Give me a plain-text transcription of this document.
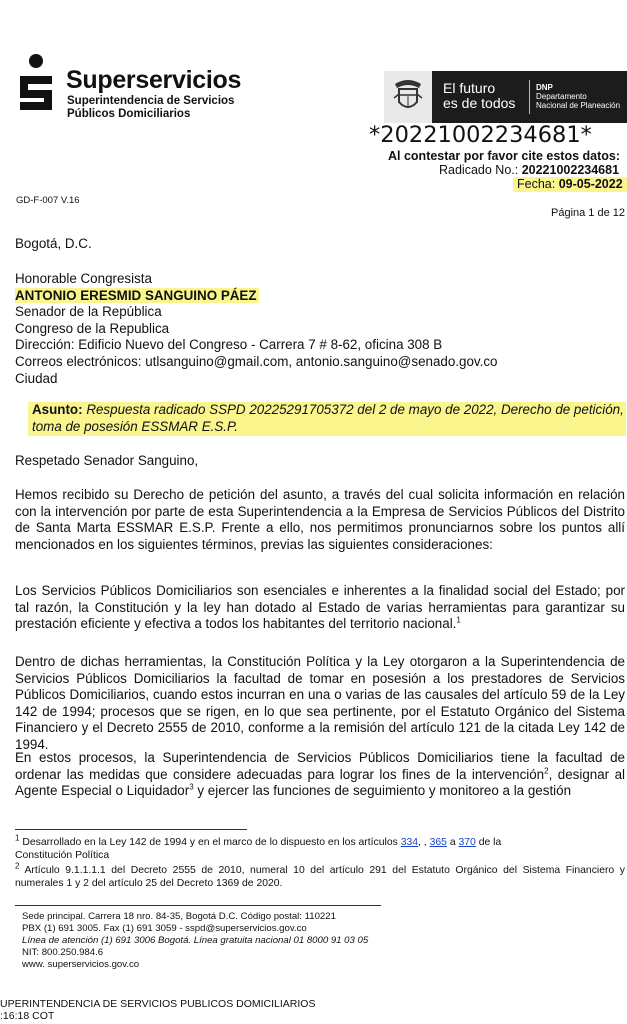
Superservicios
Superintendencia de Servicios
Públicos Domiciliarios
El futuro
es de todos
DNP
Departamento
Nacional de Planeación
*20221002234681*
Al contestar por favor cite estos datos:
Radicado No.: 20221002234681
Fecha: 09-05-2022
GD-F-007 V.16
Página 1 de 12
Bogotá, D.C.
Honorable Congresista
ANTONIO ERESMID SANGUINO PÁEZ
Senador de la República
Congreso de la Republica
Dirección: Edificio Nuevo del Congreso - Carrera 7 # 8-62, oficina 308 B
Correos electrónicos: utlsanguino@gmail.com, antonio.sanguino@senado.gov.co
Ciudad
Asunto: Respuesta radicado SSPD 20225291705372 del 2 de mayo de 2022, Derecho de petición, toma de posesión ESSMAR E.S.P.
Respetado Senador Sanguino,
Hemos recibido su Derecho de petición del asunto, a través del cual solicita información en relación con la intervención por parte de esta Superintendencia a la Empresa de Servicios Públicos del Distrito de Santa Marta ESSMAR E.S.P. Frente a ello, nos permitimos pronunciarnos sobre los puntos allí mencionados en los siguientes términos, previas las siguientes consideraciones:
Los Servicios Públicos Domiciliarios son esenciales e inherentes a la finalidad social del Estado; por tal razón, la Constitución y la ley han dotado al Estado de varias herramientas para garantizar su prestación eficiente y efectiva a todos los habitantes del territorio nacional.$^1$
Dentro de dichas herramientas, la Constitución Política y la Ley otorgaron a la Superintendencia de Servicios Públicos Domiciliarios la facultad de tomar en posesión a los prestadores de Servicios Públicos Domiciliarios, cuando estos incurran en una o varias de las causales del artículo 59 de la Ley 142 de 1994; procesos que se rigen, en lo que sea pertinente, por el Estatuto Orgánico del Sistema Financiero y el Decreto 2555 de 2010, conforme a la remisión del artículo 121 de la citada Ley 142 de 1994.
En estos procesos, la Superintendencia de Servicios Públicos Domiciliarios tiene la facultad de ordenar las medidas que considere adecuadas para lograr los fines de la intervención$^2$, designar al Agente Especial o Liquidador$^3$ y ejercer las funciones de seguimiento y monitoreo a la gestión
$^1$ Desarrollado en la Ley 142 de 1994 y en el marco de lo dispuesto en los artículos 334, , 365 a 370 de la
Constitución Política
$^2$ Artículo 9.1.1.1.1 del Decreto 2555 de 2010, numeral 10 del artículo 291 del Estatuto Orgánico del Sistema Financiero y numerales 1 y 2 del artículo 25 del Decreto 1369 de 2020.
Sede principal. Carrera 18 nro. 84-35, Bogotá D.C. Código postal: 110221
PBX (1) 691 3005. Fax (1) 691 3059 - sspd@superservicios.gov.co
Línea de atención (1) 691 3006 Bogotá. Línea gratuita nacional 01 8000 91 03 05
NIT: 800.250.984.6
www. superservicios.gov.co
UPERINTENDENCIA DE SERVICIOS PUBLICOS DOMICILIARIOS
:16:18 COT
